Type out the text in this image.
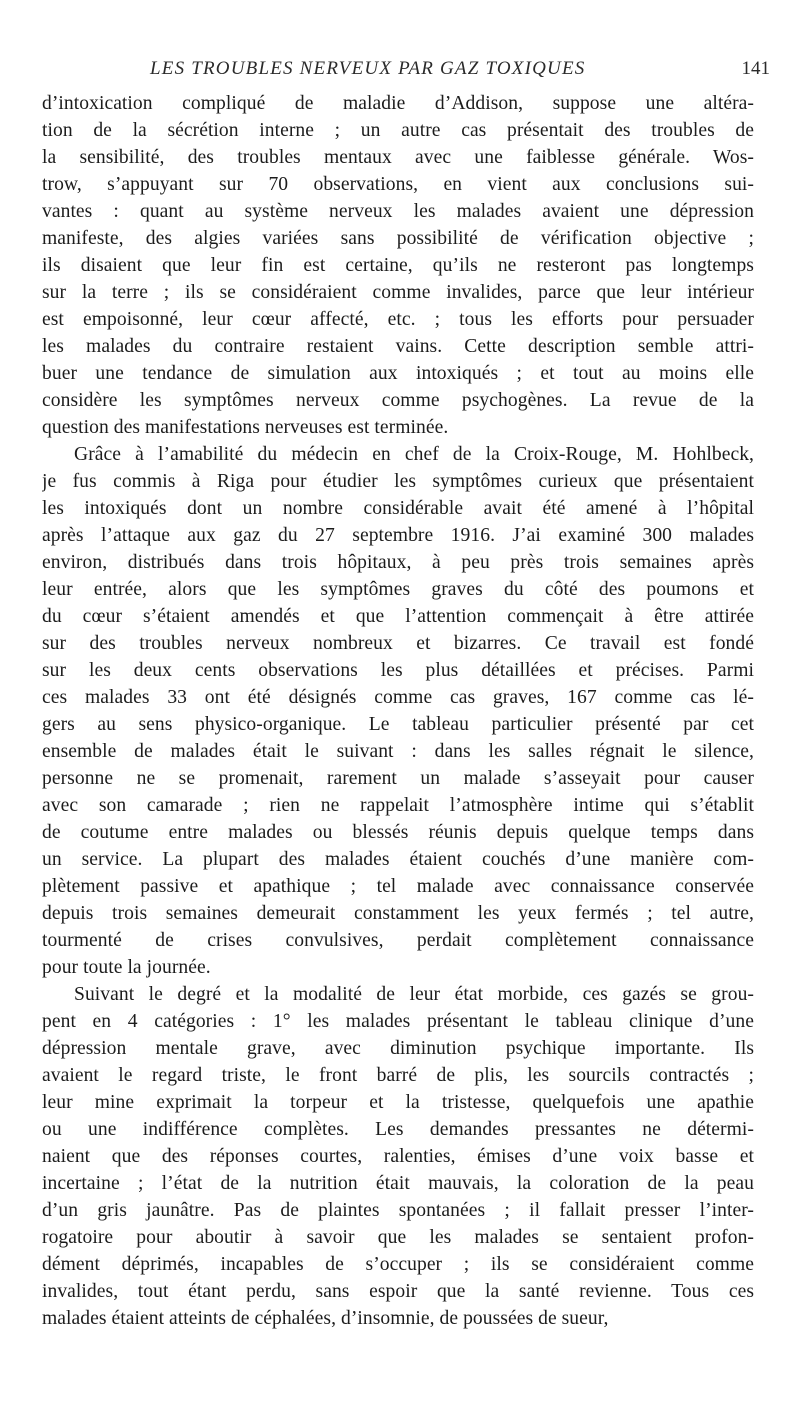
LES TROUBLES NERVEUX PAR GAZ TOXIQUES	141
d’intoxication compliqué de maladie d’Addison, suppose une altéra-
tion de la sécrétion interne ; un autre cas présentait des troubles de
la sensibilité, des troubles mentaux avec une faiblesse générale. Wos-
trow, s’appuyant sur 70 observations, en vient aux conclusions sui-
vantes : quant au système nerveux les malades avaient une dépression
manifeste, des algies variées sans possibilité de vérification objective ;
ils disaient que leur fin est certaine, qu’ils ne resteront pas longtemps
sur la terre ; ils se considéraient comme invalides, parce que leur intérieur
est empoisonné, leur cœur affecté, etc. ; tous les efforts pour persuader
les malades du contraire restaient vains. Cette description semble attri-
buer une tendance de simulation aux intoxiqués ; et tout au moins elle
considère les symptômes nerveux comme psychogènes. La revue de la
question des manifestations nerveuses est terminée.
Grâce à l’amabilité du médecin en chef de la Croix-Rouge, M. Hohlbeck,
je fus commis à Riga pour étudier les symptômes curieux que présentaient
les intoxiqués dont un nombre considérable avait été amené à l’hôpital
après l’attaque aux gaz du 27 septembre 1916. J’ai examiné 300 malades
environ, distribués dans trois hôpitaux, à peu près trois semaines après
leur entrée, alors que les symptômes graves du côté des poumons et
du cœur s’étaient amendés et que l’attention commençait à être attirée
sur des troubles nerveux nombreux et bizarres. Ce travail est fondé
sur les deux cents observations les plus détaillées et précises. Parmi
ces malades 33 ont été désignés comme cas graves, 167 comme cas lé-
gers au sens physico-organique. Le tableau particulier présenté par cet
ensemble de malades était le suivant : dans les salles régnait le silence,
personne ne se promenait, rarement un malade s’asseyait pour causer
avec son camarade ; rien ne rappelait l’atmosphère intime qui s’établit
de coutume entre malades ou blessés réunis depuis quelque temps dans
un service. La plupart des malades étaient couchés d’une manière com-
plètement passive et apathique ; tel malade avec connaissance conservée
depuis trois semaines demeurait constamment les yeux fermés ; tel autre,
tourmenté de crises convulsives, perdait complètement connaissance
pour toute la journée.
Suivant le degré et la modalité de leur état morbide, ces gazés se grou-
pent en 4 catégories : 1° les malades présentant le tableau clinique d’une
dépression mentale grave, avec diminution psychique importante. Ils
avaient le regard triste, le front barré de plis, les sourcils contractés ;
leur mine exprimait la torpeur et la tristesse, quelquefois une apathie
ou une indifférence complètes. Les demandes pressantes ne détermi-
naient que des réponses courtes, ralenties, émises d’une voix basse et
incertaine ; l’état de la nutrition était mauvais, la coloration de la peau
d’un gris jaunâtre. Pas de plaintes spontanées ; il fallait presser l’inter-
rogatoire pour aboutir à savoir que les malades se sentaient profon-
dément déprimés, incapables de s’occuper ; ils se considéraient comme
invalides, tout étant perdu, sans espoir que la santé revienne. Tous ces
malades étaient atteints de céphalées, d’insomnie, de poussées de sueur,
